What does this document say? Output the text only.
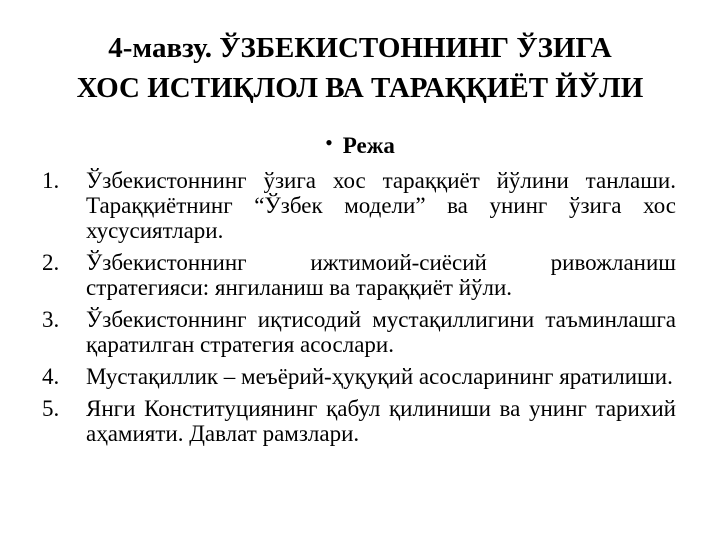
4-мавзу. ЎЗБЕКИСТОННИНГ ЎЗИГА
ХОС ИСТИҚЛОЛ ВА ТАРАҚҚИЁТ ЙЎЛИ
• Режа
1. Ўзбекистоннинг ўзига хос тараққиёт йўлини танлаши. Тараққиётнинг “Ўзбек модели” ва унинг ўзига хос хусусиятлари.
2. Ўзбекистоннинг ижтимоий-сиёсий ривожланиш стратегияси: янгиланиш ва тараққиёт йўли.
3. Ўзбекистоннинг иқтисодий мустақиллигини таъминлашга қаратилган стратегия асослари.
4. Мустақиллик – меъёрий-ҳуқуқий асосларининг яратилиши.
5. Янги Конституциянинг қабул қилиниши ва унинг тарихий аҳамияти. Давлат рамзлари.
